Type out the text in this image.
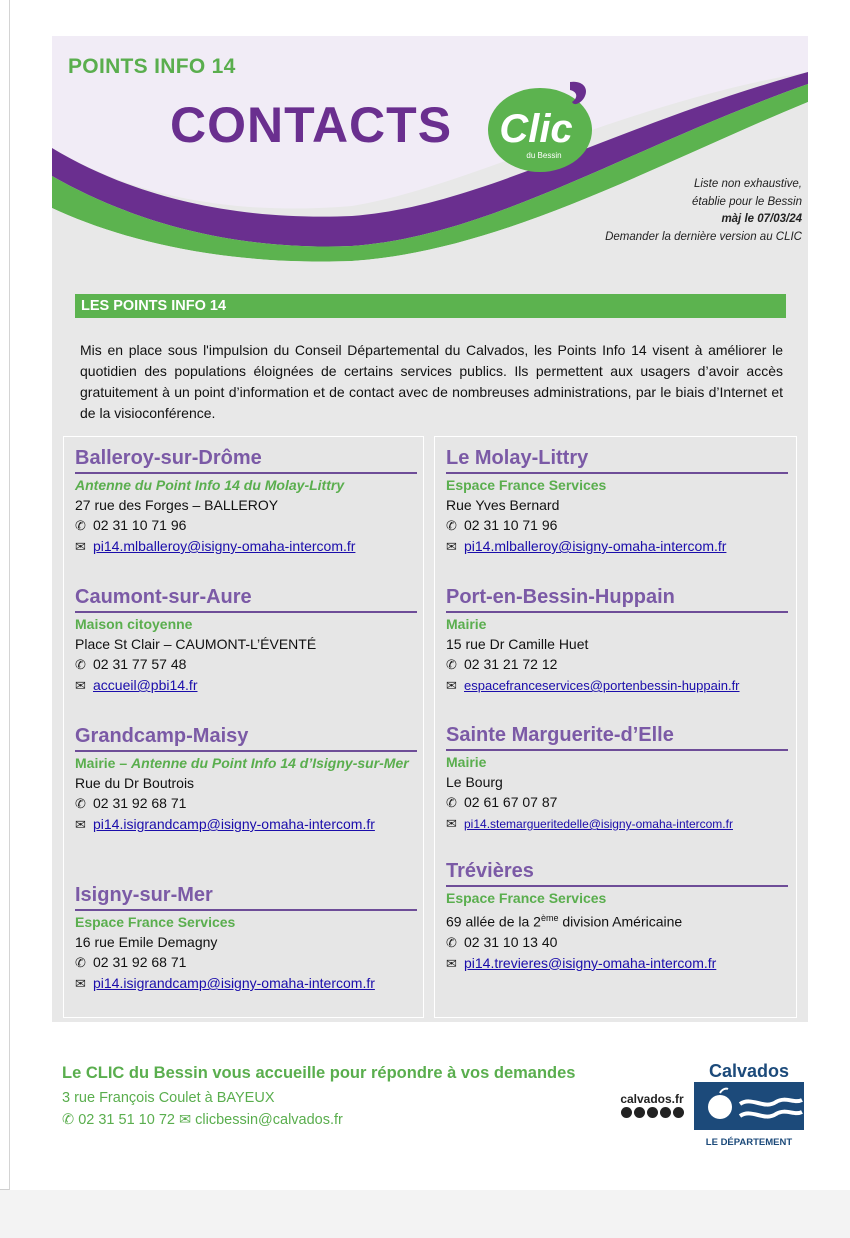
POINTS INFO 14
CONTACTS Clic
du Bessin
Liste non exhaustive,
établie pour le Bessin
màj le 07/03/24
Demander la dernière version au CLIC
LES POINTS INFO 14

Mis en place sous l'impulsion du Conseil Départemental du Calvados, les Points Info 14 visent à améliorer le quotidien des populations éloignées de certains services publics. Ils permettent aux usagers d’avoir accès gratuitement à un point d’information et de contact avec de nombreuses administrations, par le biais d’Internet et de la visioconférence.

Balleroy-sur-Drôme
Antenne du Point Info 14 du Molay-Littry
27 rue des Forges – BALLEROY
✆ 02 31 10 71 96
✉ pi14.mlballeroy@isigny-omaha-intercom.fr
Caumont-sur-Aure
Maison citoyenne
Place St Clair – CAUMONT-L’ÉVENTÉ
✆ 02 31 77 57 48
✉ accueil@pbi14.fr
Grandcamp-Maisy
Mairie – Antenne du Point Info 14 d’Isigny-sur-Mer
Rue du Dr Boutrois
✆ 02 31 92 68 71
✉ pi14.isigrandcamp@isigny-omaha-intercom.fr
Isigny-sur-Mer
Espace France Services
16 rue Emile Demagny
✆ 02 31 92 68 71
✉ pi14.isigrandcamp@isigny-omaha-intercom.fr
Le Molay-Littry
Espace France Services
Rue Yves Bernard
✆ 02 31 10 71 96
✉ pi14.mlballeroy@isigny-omaha-intercom.fr
Port-en-Bessin-Huppain
Mairie
15 rue Dr Camille Huet
✆ 02 31 21 72 12
✉ espacefranceservices@portenbessin-huppain.fr
Sainte Marguerite-d’Elle
Mairie
Le Bourg
✆ 02 61 67 07 87
✉ pi14.stemargueritedelle@isigny-omaha-intercom.fr
Trévières
Espace France Services
69 allée de la 2ème division Américaine
✆ 02 31 10 13 40
✉ pi14.trevieres@isigny-omaha-intercom.fr
Le CLIC du Bessin vous accueille pour répondre à vos demandes
3 rue François Coulet à BAYEUX
✆ 02 31 51 10 72 ✉ clicbessin@calvados.fr
calvados.fr
Calvados
LE DÉPARTEMENT
